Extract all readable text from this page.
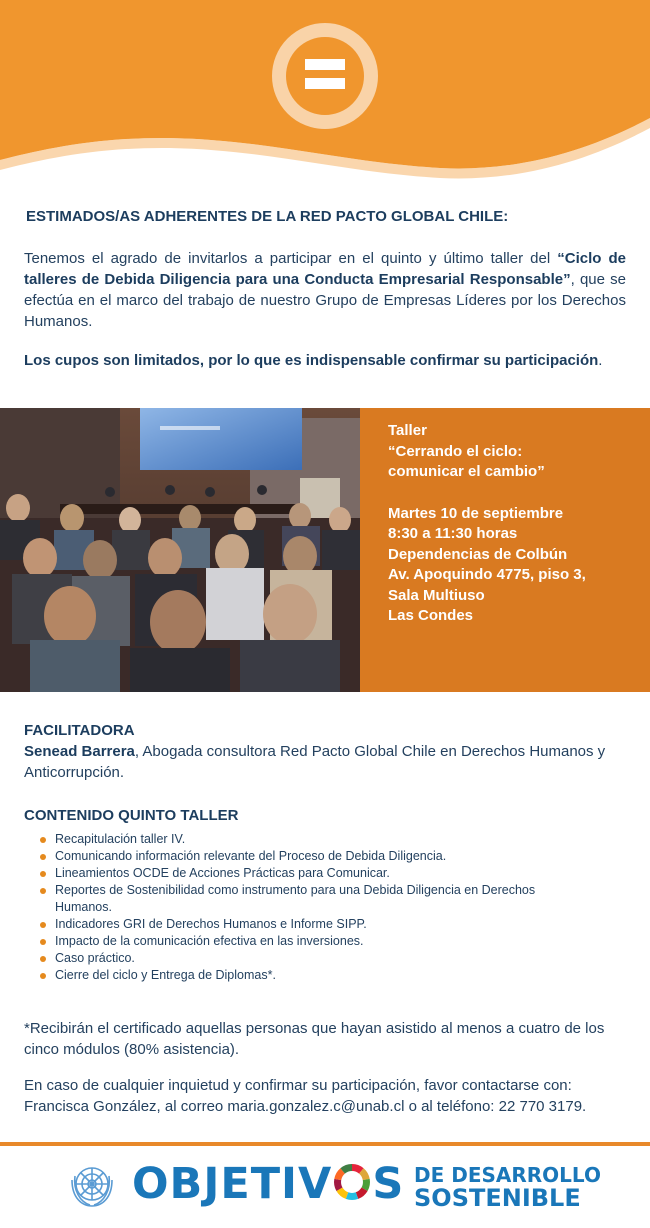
ESTIMADOS/AS ADHERENTES DE LA RED PACTO GLOBAL CHILE:

Tenemos el agrado de invitarlos a participar en el quinto y último taller del “Ciclo de talleres de Debida Diligencia para una Conducta Empresarial Responsable”, que se efectúa en el marco del trabajo de nuestro Grupo de Empresas Líderes por los Derechos Humanos.

Los cupos son limitados, por lo que es indispensable confirmar su participación.

Taller
“Cerrando el ciclo:
comunicar el cambio”
Martes 10 de septiembre
8:30 a 11:30 horas
Dependencias de Colbún
Av. Apoquindo 4775, piso 3,
Sala Multiuso
Las Condes
FACILITADORA

Senead Barrera, Abogada consultora Red Pacto Global Chile en Derechos Humanos y Anticorrupción.

CONTENIDO QUINTO TALLER
Recapitulación taller IV.
Comunicando información relevante del Proceso de Debida Diligencia.
Lineamientos OCDE de Acciones Prácticas para Comunicar.
Reportes de Sostenibilidad como instrumento para una Debida Diligencia en Derechos Humanos.
Indicadores GRI de Derechos Humanos e Informe SIPP.
Impacto de la comunicación efectiva en las inversiones.
Caso práctico.
Cierre del ciclo y Entrega de Diplomas*.

*Recibirán el certificado aquellas personas que hayan asistido al menos a cuatro de los cinco módulos (80% asistencia).

En caso de cualquier inquietud y confirmar su participación, favor contactarse con:
Francisca González, al correo maria.gonzalez.c@unab.cl o al teléfono: 22 770 3179.
OBJETIV S DE DESARROLLO
SOSTENIBLE
